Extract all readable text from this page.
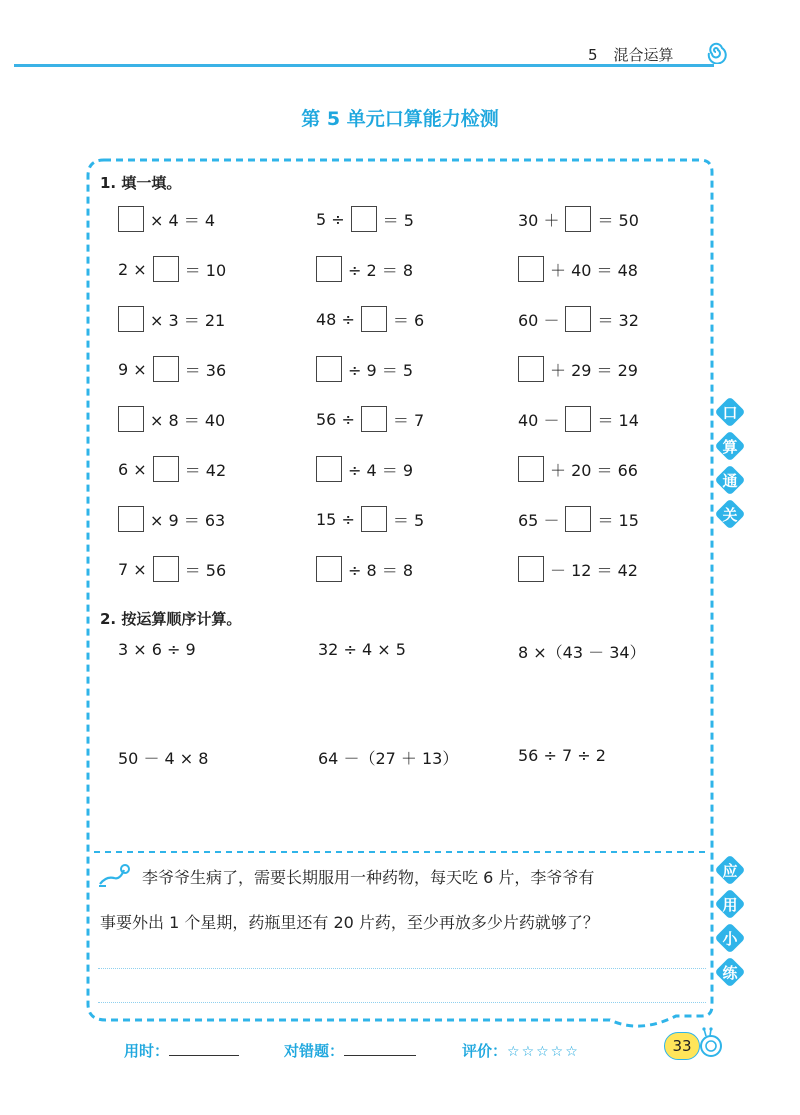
5 混合运算
第 5 单元口算能力检测
1. 填一填。
× 4 ＝ 4	5 ÷ ＝ 5	30 ＋ ＝ 50
2 × ＝ 10	÷ 2 ＝ 8	＋ 40 ＝ 48
× 3 ＝ 21	48 ÷ ＝ 6	60 － ＝ 32
9 × ＝ 36	÷ 9 ＝ 5	＋ 29 ＝ 29
× 8 ＝ 40	56 ÷ ＝ 7	40 － ＝ 14
6 × ＝ 42	÷ 4 ＝ 9	＋ 20 ＝ 66
× 9 ＝ 63	15 ÷ ＝ 5	65 － ＝ 15
7 × ＝ 56	÷ 8 ＝ 8	－ 12 ＝ 42
2. 按运算顺序计算。
3 × 6 ÷ 9	32 ÷ 4 × 5	8 ×（43 － 34）
50 － 4 × 8	64 －（27 ＋ 13）	56 ÷ 7 ÷ 2
李爷爷生病了，需要长期服用一种药物，每天吃 6 片，李爷爷有
事要外出 1 个星期，药瓶里还有 20 片药，至少再放多少片药就够了？
口
算
通
关
应
用
小
练
用时：	对错题：	评价：☆☆☆☆☆	33
